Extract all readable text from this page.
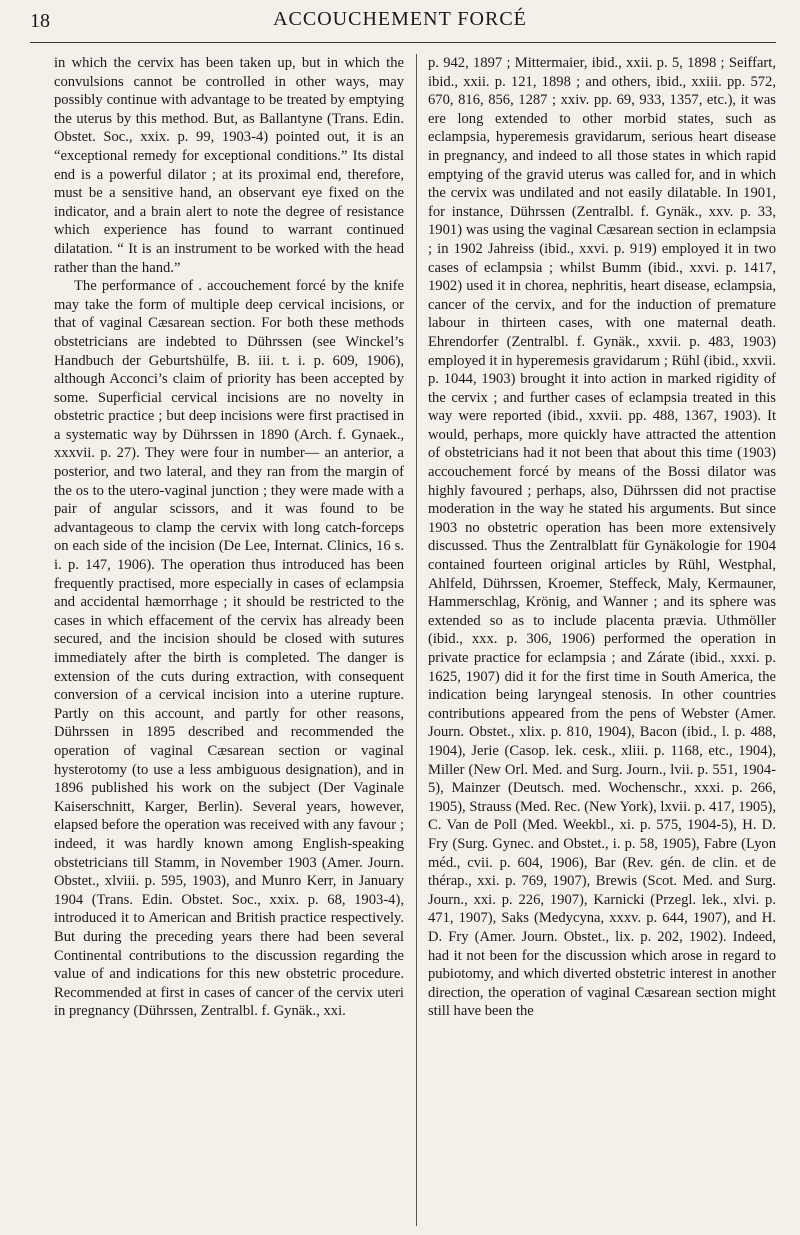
18	ACCOUCHEMENT FORCÉ

in which the cervix has been taken up, but in which the convulsions cannot be controlled in other ways, may possibly continue with advantage to be treated by emptying the uterus by this method. But, as Ballantyne (Trans. Edin. Obstet. Soc., xxix. p. 99, 1903-4) pointed out, it is an “exceptional remedy for exceptional conditions.” Its distal end is a powerful dilator ; at its proximal end, therefore, must be a sensitive hand, an observant eye fixed on the indicator, and a brain alert to note the degree of resistance which experience has found to warrant continued dilatation. “ It is an instrument to be worked with the head rather than the hand.”

The performance of . accouchement forcé by the knife may take the form of multiple deep cervical incisions, or that of vaginal Cæsarean section. For both these methods obstetricians are indebted to Dührssen (see Winckel’s Handbuch der Geburtshülfe, B. iii. t. i. p. 609, 1906), although Acconci’s claim of priority has been accepted by some. Superficial cervical incisions are no novelty in obstetric practice ; but deep incisions were first practised in a systematic way by Dührssen in 1890 (Arch. f. Gynaek., xxxvii. p. 27). They were four in number— an anterior, a posterior, and two lateral, and they ran from the margin of the os to the utero-vaginal junction ; they were made with a pair of angular scissors, and it was found to be advantageous to clamp the cervix with long catch-forceps on each side of the incision (De Lee, Internat. Clinics, 16 s. i. p. 147, 1906). The operation thus introduced has been frequently practised, more especially in cases of eclampsia and accidental hæmorrhage ; it should be restricted to the cases in which effacement of the cervix has already been secured, and the incision should be closed with sutures immediately after the birth is completed. The danger is extension of the cuts during extraction, with consequent conversion of a cervical incision into a uterine rupture. Partly on this account, and partly for other reasons, Dührssen in 1895 described and recommended the operation of vaginal Cæsarean section or vaginal hysterotomy (to use a less ambiguous designation), and in 1896 published his work on the subject (Der Vaginale Kaiserschnitt, Karger, Berlin). Several years, however, elapsed before the operation was received with any favour ; indeed, it was hardly known among English-speaking obstetricians till Stamm, in November 1903 (Amer. Journ. Obstet., xlviii. p. 595, 1903), and Munro Kerr, in January 1904 (Trans. Edin. Obstet. Soc., xxix. p. 68, 1903-4), introduced it to American and British practice respectively. But during the preceding years there had been several Continental contributions to the discussion regarding the value of and indications for this new obstetric procedure. Recommended at first in cases of cancer of the cervix uteri in pregnancy (Dührssen, Zentralbl. f. Gynäk., xxi.

p. 942, 1897 ; Mittermaier, ibid., xxii. p. 5, 1898 ; Seiffart, ibid., xxii. p. 121, 1898 ; and others, ibid., xxiii. pp. 572, 670, 816, 856, 1287 ; xxiv. pp. 69, 933, 1357, etc.), it was ere long extended to other morbid states, such as eclampsia, hyperemesis gravidarum, serious heart disease in pregnancy, and indeed to all those states in which rapid emptying of the gravid uterus was called for, and in which the cervix was undilated and not easily dilatable. In 1901, for instance, Dührssen (Zentralbl. f. Gynäk., xxv. p. 33, 1901) was using the vaginal Cæsarean section in eclampsia ; in 1902 Jahreiss (ibid., xxvi. p. 919) employed it in two cases of eclampsia ; whilst Bumm (ibid., xxvi. p. 1417, 1902) used it in chorea, nephritis, heart disease, eclampsia, cancer of the cervix, and for the induction of premature labour in thirteen cases, with one maternal death. Ehrendorfer (Zentralbl. f. Gynäk., xxvii. p. 483, 1903) employed it in hyperemesis gravidarum ; Rühl (ibid., xxvii. p. 1044, 1903) brought it into action in marked rigidity of the cervix ; and further cases of eclampsia treated in this way were reported (ibid., xxvii. pp. 488, 1367, 1903). It would, perhaps, more quickly have attracted the attention of obstetricians had it not been that about this time (1903) accouchement forcé by means of the Bossi dilator was highly favoured ; perhaps, also, Dührssen did not practise moderation in the way he stated his arguments. But since 1903 no obstetric operation has been more extensively discussed. Thus the Zentralblatt für Gynäkologie for 1904 contained fourteen original articles by Rühl, Westphal, Ahlfeld, Dührssen, Kroemer, Steffeck, Maly, Kermauner, Hammerschlag, Krönig, and Wanner ; and its sphere was extended so as to include placenta prævia. Uthmöller (ibid., xxx. p. 306, 1906) performed the operation in private practice for eclampsia ; and Zárate (ibid., xxxi. p. 1625, 1907) did it for the first time in South America, the indication being laryngeal stenosis. In other countries contributions appeared from the pens of Webster (Amer. Journ. Obstet., xlix. p. 810, 1904), Bacon (ibid., l. p. 488, 1904), Jerie (Casop. lek. cesk., xliii. p. 1168, etc., 1904), Miller (New Orl. Med. and Surg. Journ., lvii. p. 551, 1904-5), Mainzer (Deutsch. med. Wochenschr., xxxi. p. 266, 1905), Strauss (Med. Rec. (New York), lxvii. p. 417, 1905), C. Van de Poll (Med. Weekbl., xi. p. 575, 1904-5), H. D. Fry (Surg. Gynec. and Obstet., i. p. 58, 1905), Fabre (Lyon méd., cvii. p. 604, 1906), Bar (Rev. gén. de clin. et de thérap., xxi. p. 769, 1907), Brewis (Scot. Med. and Surg. Journ., xxi. p. 226, 1907), Karnicki (Przegl. lek., xlvi. p. 471, 1907), Saks (Medycyna, xxxv. p. 644, 1907), and H. D. Fry (Amer. Journ. Obstet., lix. p. 202, 1902). Indeed, had it not been for the discussion which arose in regard to pubiotomy, and which diverted obstetric interest in another direction, the operation of vaginal Cæsarean section might still have been the
